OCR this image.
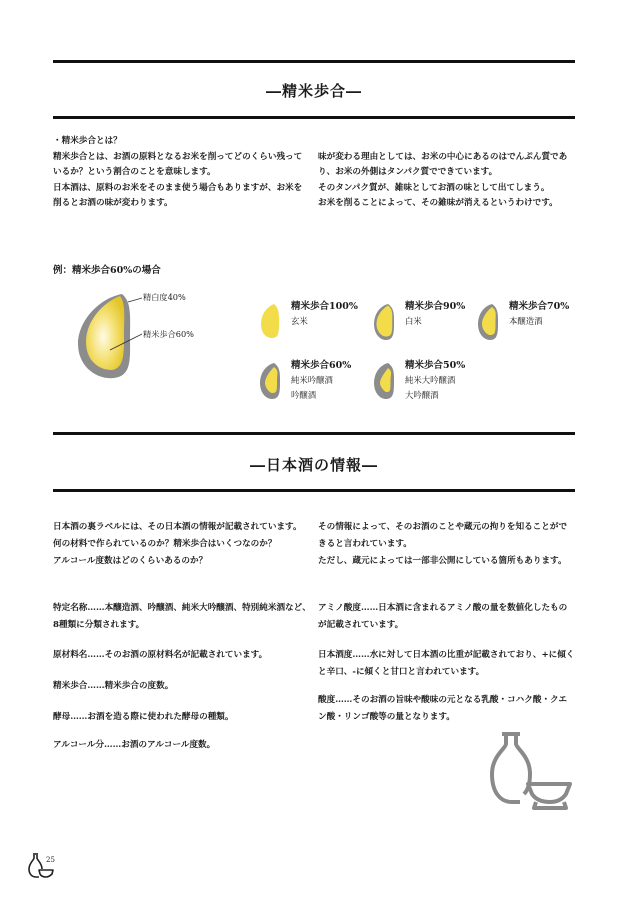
―精米歩合―
・精米歩合とは？
精米歩合とは、お酒の原料となるお米を削ってどのくらい残って
いるか？という割合のことを意味します。
日本酒は、原料のお米をそのまま使う場合もありますが、お米を
削るとお酒の味が変わります。
味が変わる理由としては、お米の中心にあるのはでんぷん質であ
り、お米の外側はタンパク質でできています。
そのタンパク質が、雑味としてお酒の味として出てしまう。
お米を削ることによって、その雑味が消えるというわけです。
例：精米歩合60%の場合
精白度40%
精米歩合60%
精米歩合100%
玄米
精米歩合90%
白米
精米歩合70%
本醸造酒
精米歩合60%
純米吟醸酒
吟醸酒
精米歩合50%
純米大吟醸酒
大吟醸酒
―日本酒の情報―
日本酒の裏ラベルには、その日本酒の情報が記載されています。
何の材料で作られているのか？精米歩合はいくつなのか？
アルコール度数はどのくらいあるのか？
その情報によって、そのお酒のことや蔵元の拘りを知ることがで
きると言われています。
ただし、蔵元によっては一部非公開にしている箇所もあります。
特定名称……本醸造酒、吟醸酒、純米大吟醸酒、特別純米酒など、
8種類に分類されます。
原材料名……そのお酒の原材料名が記載されています。
精米歩合……精米歩合の度数。
酵母……お酒を造る際に使われた酵母の種類。
アルコール分……お酒のアルコール度数。
アミノ酸度……日本酒に含まれるアミノ酸の量を数値化したもの
が記載されています。
日本酒度……水に対して日本酒の比重が記載されており、+に傾く
と辛口、-に傾くと甘口と言われています。
酸度……そのお酒の旨味や酸味の元となる乳酸・コハク酸・クエ
ン酸・リンゴ酸等の量となります。
25
